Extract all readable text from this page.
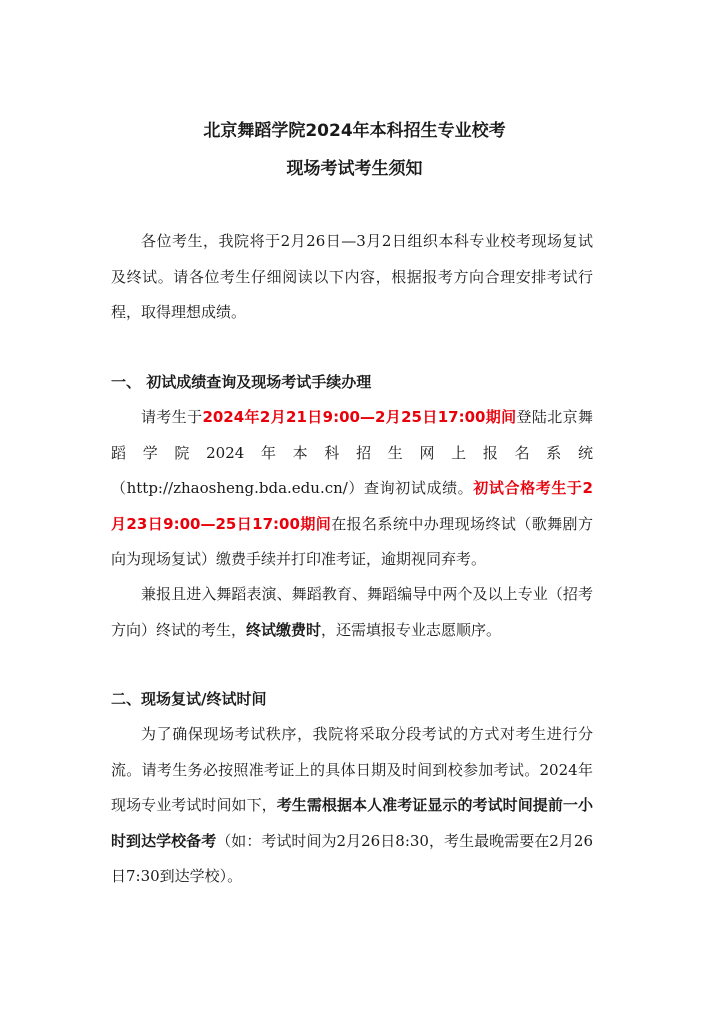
北京舞蹈学院2024年本科招生专业校考
现场考试考生须知

各位考生，我院将于2月26日—3月2日组织本科专业校考现场复试及终试。请各位考生仔细阅读以下内容，根据报考方向合理安排考试行程，取得理想成绩。

一、 初试成绩查询及现场考试手续办理

请考生于2024年2月21日9:00—2月25日17:00期间登陆北京舞蹈学院2024年本科招生网上报名系统（http://zhaosheng.bda.edu.cn/）查询初试成绩。初试合格考生于2月23日9:00—25日17:00期间在报名系统中办理现场终试（歌舞剧方向为现场复试）缴费手续并打印准考证，逾期视同弃考。

兼报且进入舞蹈表演、舞蹈教育、舞蹈编导中两个及以上专业（招考方向）终试的考生，终试缴费时，还需填报专业志愿顺序。

二、现场复试/终试时间

为了确保现场考试秩序，我院将采取分段考试的方式对考生进行分流。请考生务必按照准考证上的具体日期及时间到校参加考试。2024年现场专业考试时间如下，考生需根据本人准考证显示的考试时间提前一小时到达学校备考（如：考试时间为2月26日8:30，考生最晚需要在2月26日7:30到达学校）。
